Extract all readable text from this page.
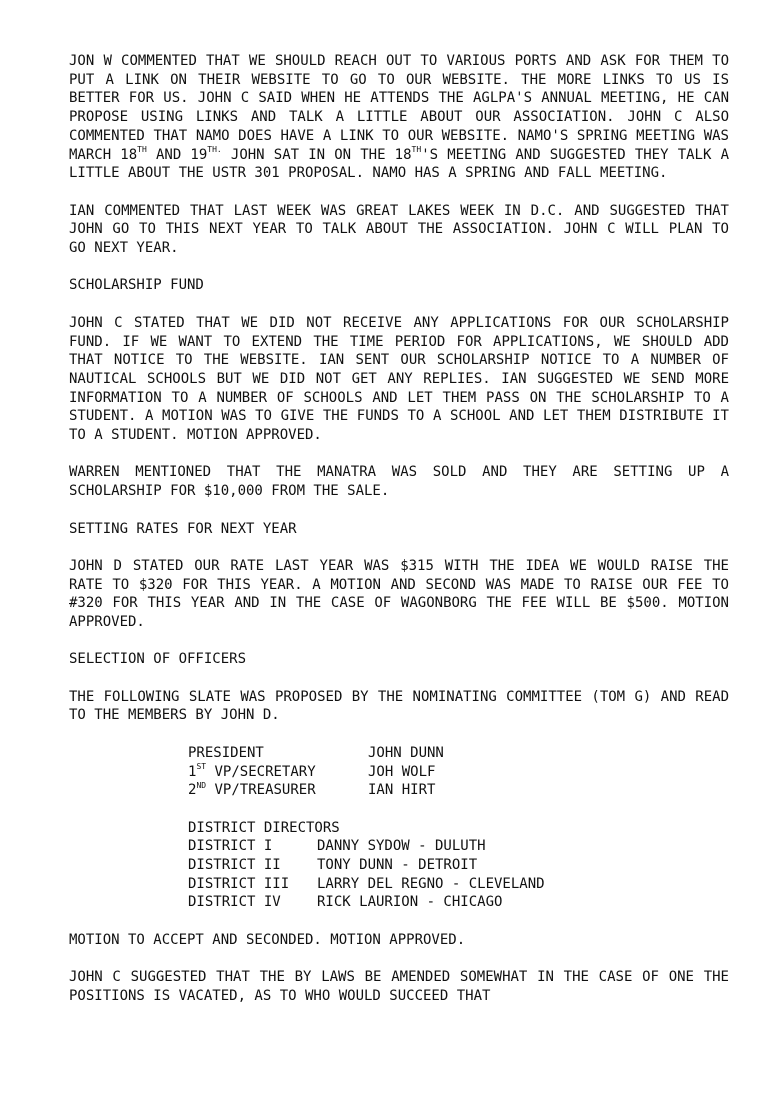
JON W COMMENTED THAT WE SHOULD REACH OUT TO VARIOUS PORTS AND ASK FOR THEM TO PUT A LINK ON THEIR WEBSITE TO GO TO OUR WEBSITE. THE MORE LINKS TO US IS BETTER FOR US. JOHN C SAID WHEN HE ATTENDS THE AGLPA'S ANNUAL MEETING, HE CAN PROPOSE USING LINKS AND TALK A LITTLE ABOUT OUR ASSOCIATION. JOHN C ALSO COMMENTED THAT NAMO DOES HAVE A LINK TO OUR WEBSITE. NAMO'S SPRING MEETING WAS MARCH 18TH AND $19^{TH.}$ JOHN SAT IN ON THE 18TH'S MEETING AND SUGGESTED THEY TALK A LITTLE ABOUT THE USTR 301 PROPOSAL. NAMO HAS A SPRING AND FALL MEETING.

IAN COMMENTED THAT LAST WEEK WAS GREAT LAKES WEEK IN D.C. AND SUGGESTED THAT JOHN GO TO THIS NEXT YEAR TO TALK ABOUT THE ASSOCIATION. JOHN C WILL PLAN TO GO NEXT YEAR.

SCHOLARSHIP FUND

JOHN C STATED THAT WE DID NOT RECEIVE ANY APPLICATIONS FOR OUR SCHOLARSHIP FUND. IF WE WANT TO EXTEND THE TIME PERIOD FOR APPLICATIONS, WE SHOULD ADD THAT NOTICE TO THE WEBSITE. IAN SENT OUR SCHOLARSHIP NOTICE TO A NUMBER OF NAUTICAL SCHOOLS BUT WE DID NOT GET ANY REPLIES. IAN SUGGESTED WE SEND MORE INFORMATION TO A NUMBER OF SCHOOLS AND LET THEM PASS ON THE SCHOLARSHIP TO A STUDENT. A MOTION WAS TO GIVE THE FUNDS TO A SCHOOL AND LET THEM DISTRIBUTE IT TO A STUDENT. MOTION APPROVED.

WARREN MENTIONED THAT THE MANATRA WAS SOLD AND THEY ARE SETTING UP A SCHOLARSHIP FOR $10,000 FROM THE SALE.

SETTING RATES FOR NEXT YEAR

JOHN D STATED OUR RATE LAST YEAR WAS $315 WITH THE IDEA WE WOULD RAISE THE RATE TO $320 FOR THIS YEAR. A MOTION AND SECOND WAS MADE TO RAISE OUR FEE TO #320 FOR THIS YEAR AND IN THE CASE OF WAGONBORG THE FEE WILL BE $500. MOTION APPROVED.

SELECTION OF OFFICERS

THE FOLLOWING SLATE WAS PROPOSED BY THE NOMINATING COMMITTEE (TOM G) AND READ TO THE MEMBERS BY JOHN D.

PRESIDENT	JOHN DUNN
1ST VP/SECRETARY	JOH WOLF
2ND VP/TREASURER	IAN HIRT
DISTRICT DIRECTORS
DISTRICT I	DANNY SYDOW - DULUTH
DISTRICT II	TONY DUNN - DETROIT
DISTRICT III LARRY DEL REGNO - CLEVELAND
DISTRICT IV	RICK LAURION - CHICAGO

MOTION TO ACCEPT AND SECONDED. MOTION APPROVED.

JOHN C SUGGESTED THAT THE BY LAWS BE AMENDED SOMEWHAT IN THE CASE OF ONE THE POSITIONS IS VACATED, AS TO WHO WOULD SUCCEED THAT
